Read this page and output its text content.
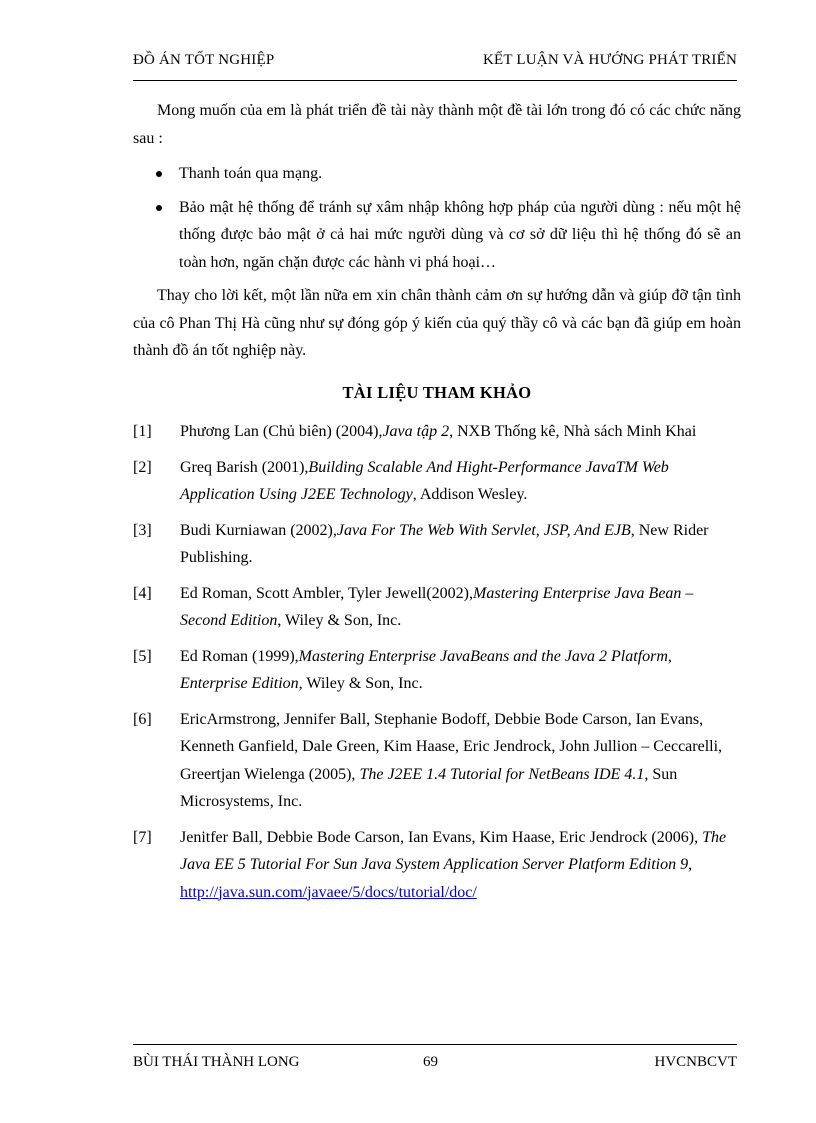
ĐỒ ÁN TỐT NGHIỆP	KẾT LUẬN VÀ HƯỚNG PHÁT TRIỂN

Mong muốn của em là phát triển đề tài này thành một đề tài lớn trong đó có các chức năng sau :

Thanh toán qua mạng.
Bảo mật hệ thống để tránh sự xâm nhập không hợp pháp của người dùng : nếu một hệ thống được bảo mật ở cả hai mức người dùng và cơ sở dữ liệu thì hệ thống đó sẽ an toàn hơn, ngăn chặn được các hành vi phá hoại…

Thay cho lời kết, một lần nữa em xin chân thành cảm ơn sự hướng dẫn và giúp đỡ tận tình của cô Phan Thị Hà cũng như sự đóng góp ý kiến của quý thầy cô và các bạn đã giúp em hoàn thành đồ án tốt nghiệp này.

TÀI LIỆU THAM KHẢO
[1]	Phương Lan (Chủ biên) (2004),Java tập 2, NXB Thống kê, Nhà sách Minh Khai
[2]	Greq Barish (2001),Building Scalable And Hight-Performance JavaTM Web Application Using J2EE Technology, Addison Wesley.
[3]	Budi Kurniawan (2002),Java For The Web With Servlet, JSP, And EJB, New Rider Publishing.
[4]	Ed Roman, Scott Ambler, Tyler Jewell(2002),Mastering Enterprise Java Bean – Second Edition, Wiley & Son, Inc.
[5]	Ed Roman (1999),Mastering Enterprise JavaBeans and the Java 2 Platform, Enterprise Edition, Wiley & Son, Inc.
[6]	EricArmstrong, Jennifer Ball, Stephanie Bodoff, Debbie Bode Carson, Ian Evans, Kenneth Ganfield, Dale Green, Kim Haase, Eric Jendrock, John Jullion – Ceccarelli, Greertjan Wielenga (2005), The J2EE 1.4 Tutorial for NetBeans IDE 4.1, Sun Microsystems, Inc.
[7]	Jenitfer Ball, Debbie Bode Carson, Ian Evans, Kim Haase, Eric Jendrock (2006), The Java EE 5 Tutorial For Sun Java System Application Server Platform Edition 9, http://java.sun.com/javaee/5/docs/tutorial/doc/
BÙI THÁI THÀNH LONG	69	HVCNBCVT
